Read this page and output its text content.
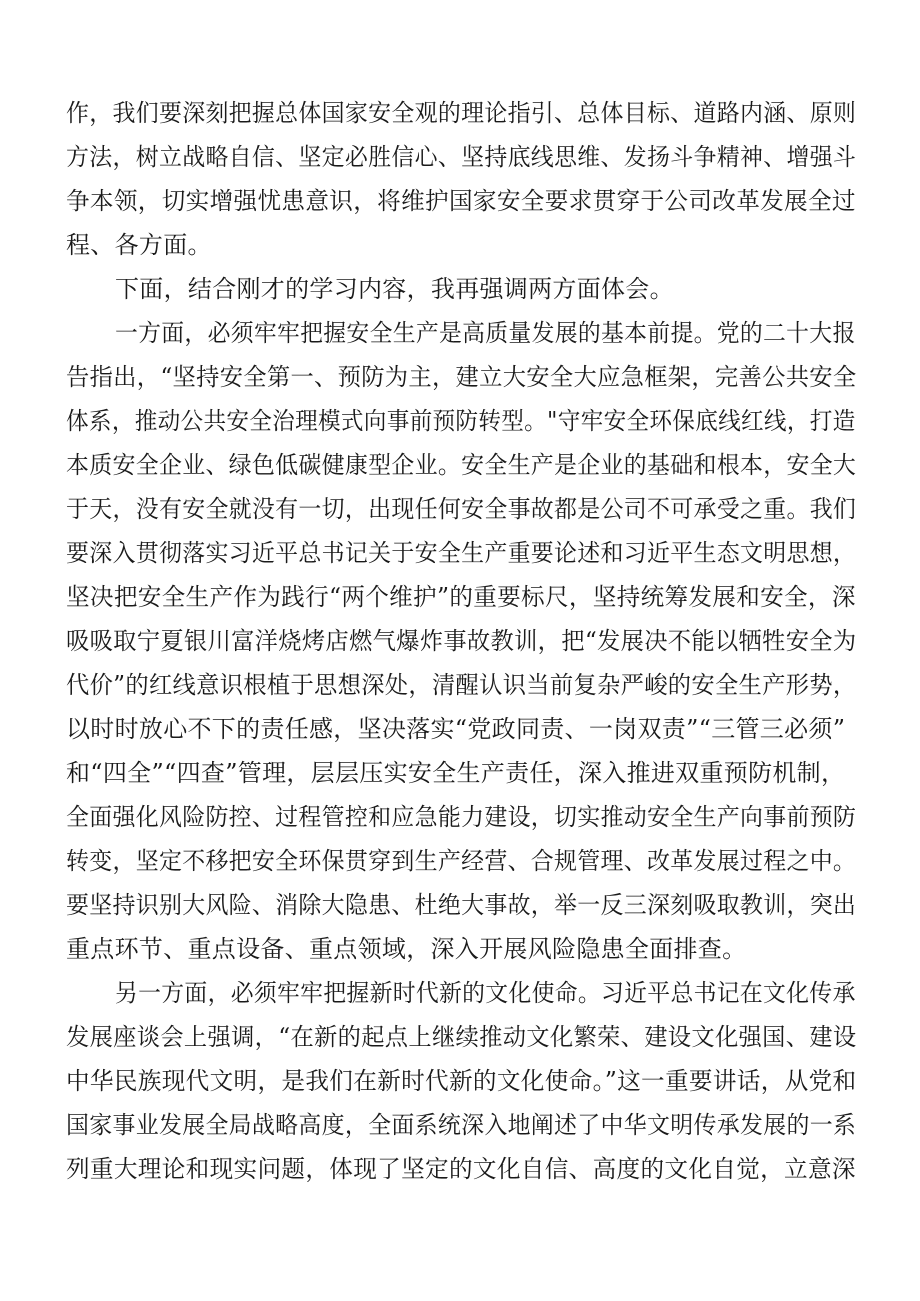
作，我们要深刻把握总体国家安全观的理论指引、总体目标、道路内涵、原则
方法，树立战略自信、坚定必胜信心、坚持底线思维、发扬斗争精神、增强斗
争本领，切实增强忧患意识，将维护国家安全要求贯穿于公司改革发展全过
程、各方面。
下面，结合刚才的学习内容，我再强调两方面体会。
一方面，必须牢牢把握安全生产是高质量发展的基本前提。党的二十大报
告指出，“坚持安全第一、预防为主，建立大安全大应急框架，完善公共安全
体系，推动公共安全治理模式向事前预防转型。"守牢安全环保底线红线，打造
本质安全企业、绿色低碳健康型企业。安全生产是企业的基础和根本，安全大
于天，没有安全就没有一切，出现任何安全事故都是公司不可承受之重。我们
要深入贯彻落实习近平总书记关于安全生产重要论述和习近平生态文明思想，
坚决把安全生产作为践行“两个维护”的重要标尺，坚持统筹发展和安全，深
吸吸取宁夏银川富洋烧烤店燃气爆炸事故教训，把“发展决不能以牺牲安全为
代价”的红线意识根植于思想深处，清醒认识当前复杂严峻的安全生产形势，
以时时放心不下的责任感，坚决落实“党政同责、一岗双责”“三管三必须”
和“四全”“四查”管理，层层压实安全生产责任，深入推进双重预防机制，
全面强化风险防控、过程管控和应急能力建设，切实推动安全生产向事前预防
转变，坚定不移把安全环保贯穿到生产经营、合规管理、改革发展过程之中。
要坚持识别大风险、消除大隐患、杜绝大事故，举一反三深刻吸取教训，突出
重点环节、重点设备、重点领域，深入开展风险隐患全面排查。
另一方面，必须牢牢把握新时代新的文化使命。习近平总书记在文化传承
发展座谈会上强调，“在新的起点上继续推动文化繁荣、建设文化强国、建设
中华民族现代文明，是我们在新时代新的文化使命。”这一重要讲话，从党和
国家事业发展全局战略高度，全面系统深入地阐述了中华文明传承发展的一系
列重大理论和现实问题，体现了坚定的文化自信、高度的文化自觉，立意深
